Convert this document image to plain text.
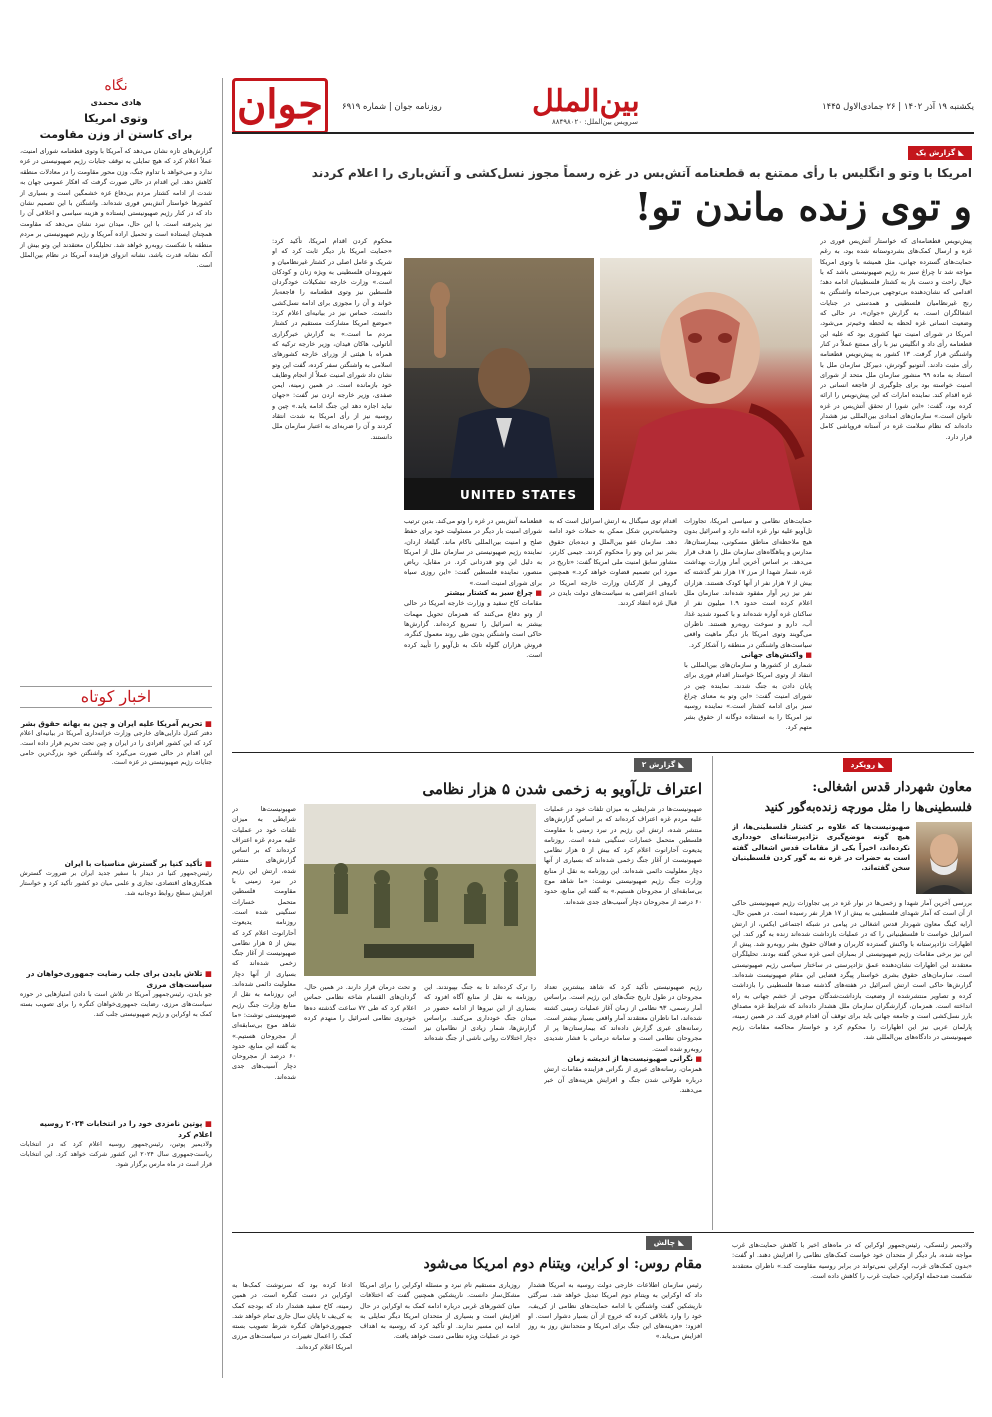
یکشنبه ۱۹ آذر ۱۴۰۲ | ۲۶ جمادی‌الاول ۱۴۴۵
بین‌الملل
سرویس بین‌الملل: ۸۸۴۹۸۰۲۰
روزنامه جوان | شماره ۶۹۱۹
جوان
نگاه
هادی محمدی
وتوی امریکا
برای کاستن از وزن مقاومت
گزارش‌های تازه نشان می‌دهد که آمریکا با وتوی قطعنامه شورای امنیت، عملاً اعلام کرد که هیچ تمایلی به توقف جنایات رژیم صهیونیستی در غزه ندارد و می‌خواهد با تداوم جنگ، وزن محور مقاومت را در معادلات منطقه کاهش دهد. این اقدام در حالی صورت گرفت که افکار عمومی جهان به شدت از ادامه کشتار مردم بی‌دفاع غزه خشمگین است و بسیاری از کشورها خواستار آتش‌بس فوری شده‌اند. واشنگتن با این تصمیم نشان داد که در کنار رژیم صهیونیستی ایستاده و هزینه سیاسی و اخلاقی آن را نیز پذیرفته است. با این حال، میدان نبرد نشان می‌دهد که مقاومت همچنان ایستاده است و تحمیل اراده آمریکا و رژیم صهیونیستی بر مردم منطقه با شکست روبه‌رو خواهد شد. تحلیلگران معتقدند این وتو بیش از آنکه نشانه قدرت باشد، نشانه انزوای فزاینده آمریکا در نظام بین‌الملل است.
اخبار کوتاه
■ تحریم آمریکا علیه ایران و چین به بهانه حقوق بشر
دفتر کنترل دارایی‌های خارجی وزارت خزانه‌داری آمریکا در بیانیه‌ای اعلام کرد که این کشور افرادی را در ایران و چین تحت تحریم قرار داده است. این اقدام در حالی صورت می‌گیرد که واشنگتن خود بزرگ‌ترین حامی جنایات رژیم صهیونیستی در غزه است.
■ تأکید کنیا بر گسترش مناسبات با ایران
رئیس‌جمهور کنیا در دیدار با سفیر جدید ایران بر ضرورت گسترش همکاری‌های اقتصادی، تجاری و علمی میان دو کشور تأکید کرد و خواستار افزایش سطح روابط دوجانبه شد.
■ تلاش بایدن برای جلب رضایت جمهوری‌خواهان در سیاست‌های مرزی
جو بایدن، رئیس‌جمهور آمریکا در تلاش است با دادن امتیازهایی در حوزه سیاست‌های مرزی، رضایت جمهوری‌خواهان کنگره را برای تصویب بسته کمک به اوکراین و رژیم صهیونیستی جلب کند.
■ پوتین نامزدی خود را در انتخابات ۲۰۲۴ روسیه اعلام کرد
ولادیمیر پوتین، رئیس‌جمهور روسیه اعلام کرد که در انتخابات ریاست‌جمهوری سال ۲۰۲۴ این کشور شرکت خواهد کرد. این انتخابات قرار است در ماه مارس برگزار شود.
◣گزارش یک
امریکا با وتو و انگلیس با رأی ممتنع به قطعنامه آتش‌بس در غزه رسماً مجوز نسل‌کشی و آتش‌باری را اعلام کردند
و توی زنده ماندن تو!
پیش‌نویس قطعنامه‌ای که خواستار آتش‌بس فوری در غزه و ارسال کمک‌های بشردوستانه شده بود، به رغم حمایت‌های گسترده جهانی، مثل همیشه با وتوی امریکا مواجه شد تا چراغ سبز به رژیم صهیونیستی باشد که با خیال راحت و دست باز به کشتار فلسطینیان ادامه دهد؛ اقدامی که نشان‌دهنده بی‌توجهی بی‌رحمانه واشنگتن به رنج غیرنظامیان فلسطینی و همدستی در جنایات اشغالگران است. به گزارش «جوان»، در حالی که وضعیت انسانی غزه لحظه به لحظه وخیم‌تر می‌شود، امریکا در شورای امنیت تنها کشوری بود که علیه این قطعنامه رأی داد و انگلیس نیز با رأی ممتنع عملاً در کنار واشنگتن قرار گرفت. ۱۳ کشور به پیش‌نویس قطعنامه رأی مثبت دادند. آنتونیو گوترش، دبیرکل سازمان ملل با استناد به ماده ۹۹ منشور سازمان ملل متحد از شورای امنیت خواسته بود برای جلوگیری از فاجعه انسانی در غزه اقدام کند. نماینده امارات که این پیش‌نویس را ارائه کرده بود، گفت: «این شورا از تحقق آتش‌بس در غزه ناتوان است.» سازمان‌های امدادی بین‌المللی نیز هشدار داده‌اند که نظام سلامت غزه در آستانه فروپاشی کامل قرار دارد.
UNITED STATES
محکوم کردن اقدام امریکا، تأکید کرد: «حمایت امریکا بار دیگر ثابت کرد که او شریک و عامل اصلی در کشتار غیرنظامیان و شهروندان فلسطینی به ویژه زنان و کودکان است.» وزارت خارجه تشکیلات خودگردان فلسطین نیز وتوی قطعنامه را فاجعه‌بار خواند و آن را مجوزی برای ادامه نسل‌کشی دانست. حماس نیز در بیانیه‌ای اعلام کرد: «موضع امریکا مشارکت مستقیم در کشتار مردم ما است.» به گزارش خبرگزاری آناتولی، هاکان فیدان، وزیر خارجه ترکیه که همراه با هیئتی از وزرای خارجه کشورهای اسلامی به واشنگتن سفر کرده، گفت این وتو نشان داد شورای امنیت عملاً از انجام وظایف خود بازمانده است. در همین زمینه، ایمن صفدی، وزیر خارجه اردن نیز گفت: «جهان نباید اجازه دهد این جنگ ادامه یابد.» چین و روسیه نیز از رأی امریکا به شدت انتقاد کردند و آن را ضربه‌ای به اعتبار سازمان ملل دانستند.

حمایت‌های نظامی و سیاسی امریکا، تجاوزات تل‌آویو علیه نوار غزه ادامه دارد و اسرائیل بدون هیچ ملاحظه‌ای مناطق مسکونی، بیمارستان‌ها، مدارس و پناهگاه‌های سازمان ملل را هدف قرار می‌دهد. بر اساس آخرین آمار وزارت بهداشت غزه، شمار شهدا از مرز ۱۷ هزار نفر گذشته که بیش از ۷ هزار نفر از آنها کودک هستند. هزاران نفر نیز زیر آوار مفقود شده‌اند. سازمان ملل اعلام کرده است حدود ۱.۹ میلیون نفر از ساکنان غزه آواره شده‌اند و با کمبود شدید غذا، آب، دارو و سوخت روبه‌رو هستند. ناظران می‌گویند وتوی امریکا بار دیگر ماهیت واقعی سیاست‌های واشنگتن در منطقه را آشکار کرد.

■ واکنش‌های جهانی

شماری از کشورها و سازمان‌های بین‌المللی با انتقاد از وتوی امریکا خواستار اقدام فوری برای پایان دادن به جنگ شدند. نماینده چین در شورای امنیت گفت: «این وتو به معنای چراغ سبز برای ادامه کشتار است.» نماینده روسیه نیز امریکا را به استفاده دوگانه از حقوق بشر متهم کرد.

اقدام ‌توی سیگنال به ارتش اسرائیل است که به وحشیانه‌ترین شکل ممکن به حملات خود ادامه دهد. سازمان عفو بین‌الملل و دیده‌بان حقوق بشر نیز این وتو را محکوم کردند. جیمی کارتر، مشاور سابق امنیت ملی امریکا گفت: «تاریخ در مورد این تصمیم قضاوت خواهد کرد.» همچنین گروهی از کارکنان وزارت خارجه امریکا در نامه‌ای اعتراضی به سیاست‌های دولت بایدن در قبال غزه انتقاد کردند.

قطعنامه آتش‌بس در غزه را وتو می‌کند. بدین ترتیب شورای امنیت بار دیگر در مسئولیت خود برای حفظ صلح و امنیت بین‌المللی ناکام ماند. گیلعاد اردان، نماینده رژیم صهیونیستی در سازمان ملل از امریکا به دلیل این وتو قدردانی کرد. در مقابل، ریاض منصور، نماینده فلسطین گفت: «این روزی سیاه برای شورای امنیت است.»

■ چراغ سبز به کشتار بیشتر

مقامات کاخ سفید و وزارت خارجه امریکا در حالی از وتو دفاع می‌کنند که همزمان تحویل مهمات بیشتر به اسرائیل را تسریع کرده‌اند. گزارش‌ها حاکی است واشنگتن بدون طی روند معمول کنگره، فروش هزاران گلوله تانک به تل‌آویو را تأیید کرده است.

◣رویکرد
معاون شهردار قدس اشغالی:
فلسطینی‌ها را مثل مورچه زنده‌به‌گور کنید
صهیونیست‌ها که علاوه بر کشتار فلسطینی‌ها، از هیچ گونه موضع‌گیری نژادپرستانه‌ای خودداری نکرده‌اند، اخیراً یکی از مقامات قدس اشغالی گفته است به حضرات در غزه نه به گور کردن فلسطینیان سخن گفته‌اند.
بررسی آخرین آمار شهدا و زخمی‌ها در نوار غزه در پی تجاوزات رژیم صهیونیستی حاکی از آن است که آمار شهدای فلسطینی به بیش از ۱۷ هزار نفر رسیده است. در همین حال، آرایه کینگ معاون شهردار قدس اشغالی در پیامی در شبکه اجتماعی ایکس، از ارتش اسرائیل خواست تا فلسطینیانی را که در عملیات بازداشت شده‌اند زنده به گور کند. این اظهارات نژادپرستانه با واکنش گسترده کاربران و فعالان حقوق بشر روبه‌رو شد. پیش از این نیز برخی مقامات رژیم صهیونیستی از بمباران اتمی غزه سخن گفته بودند. تحلیلگران معتقدند این اظهارات نشان‌دهنده عمق نژادپرستی در ساختار سیاسی رژیم صهیونیستی است. سازمان‌های حقوق بشری خواستار پیگرد قضایی این مقام صهیونیست شده‌اند. گزارش‌ها حاکی است ارتش اسرائیل در هفته‌های گذشته صدها فلسطینی را بازداشت کرده و تصاویر منتشرشده از وضعیت بازداشت‌شدگان موجی از خشم جهانی به راه انداخته است. همزمان، گزارشگران سازمان ملل هشدار داده‌اند که شرایط غزه مصداق بارز نسل‌کشی است و جامعه جهانی باید برای توقف آن اقدام فوری کند. در همین زمینه، پارلمان عربی نیز این اظهارات را محکوم کرد و خواستار محاکمه مقامات رژیم صهیونیستی در دادگاه‌های بین‌المللی شد.
◣گزارش ۲
اعتراف تل‌آویو به زخمی شدن ۵ هزار نظامی
صهیونیست‌ها در شرایطی به میزان تلفات خود در عملیات علیه مردم غزه اعتراف کرده‌اند که بر اساس گزارش‌های منتشر شده، ارتش این رژیم در نبرد زمینی با مقاومت فلسطین متحمل خسارات سنگینی شده است. روزنامه یدیعوت آحارانوت اعلام کرد که بیش از ۵ هزار نظامی صهیونیست از آغاز جنگ زخمی شده‌اند که بسیاری از آنها دچار معلولیت دائمی شده‌اند. این روزنامه به نقل از منابع وزارت جنگ رژیم صهیونیستی نوشت: «ما شاهد موج بی‌سابقه‌ای از مجروحان هستیم.» به گفته این منابع، حدود ۶۰ درصد از مجروحان دچار آسیب‌های جدی شده‌اند.

رژیم صهیونیستی تأکید کرد که شاهد بیشترین تعداد مجروحان در طول تاریخ جنگ‌های این رژیم است. براساس آمار رسمی، ۹۳ نظامی از زمان آغاز عملیات زمینی کشته شده‌اند، اما ناظران معتقدند آمار واقعی بسیار بیشتر است. رسانه‌های عبری گزارش داده‌اند که بیمارستان‌ها پر از مجروحان نظامی است و سامانه درمانی با فشار شدیدی روبه‌رو شده است.

■ نگرانی صهیونیست‌ها از اندیشه زمان

همزمان، رسانه‌های عبری از نگرانی فزاینده مقامات ارتش درباره طولانی شدن جنگ و افزایش هزینه‌های آن خبر می‌دهند.

را ترک کرده‌اند تا به جنگ بپیوندند. این روزنامه به نقل از منابع آگاه افزود که بسیاری از این نیروها از ادامه حضور در میدان جنگ خودداری می‌کنند. براساس گزارش‌ها، شمار زیادی از نظامیان نیز دچار اختلالات روانی ناشی از جنگ شده‌اند و تحت درمان قرار دارند. در همین حال، گردان‌های القسام شاخه نظامی حماس اعلام کرد که طی ۷۲ ساعت گذشته ده‌ها خودروی نظامی اسرائیل را منهدم کرده است.
صهیونیست‌ها در شرایطی به میزان تلفات خود در عملیات علیه مردم غزه اعتراف کرده‌اند که بر اساس گزارش‌های منتشر شده، ارتش این رژیم در نبرد زمینی با مقاومت فلسطین متحمل خسارات سنگینی شده است. روزنامه یدیعوت آحارانوت اعلام کرد که بیش از ۵ هزار نظامی صهیونیست از آغاز جنگ زخمی شده‌اند که بسیاری از آنها دچار معلولیت دائمی شده‌اند. این روزنامه به نقل از منابع وزارت جنگ رژیم صهیونیستی نوشت: «ما شاهد موج بی‌سابقه‌ای از مجروحان هستیم.» به گفته این منابع، حدود ۶۰ درصد از مجروحان دچار آسیب‌های جدی شده‌اند.
◣چالش
مقام روس: او کراین، ویتنام دوم امریکا می‌شود
رئیس سازمان اطلاعات خارجی دولت روسیه به امریکا هشدار داد که اوکراین به ویتنام دوم امریکا تبدیل خواهد شد. سرگئی ناریشکین گفت واشنگتن با ادامه حمایت‌های نظامی از کی‌یف، خود را وارد باتلاقی کرده که خروج از آن بسیار دشوار است. او افزود: «هزینه‌های این جنگ برای امریکا و متحدانش روز به روز افزایش می‌یابد.»
روزیاری مستقیم نام نبرد و مسئله اوکراین را برای امریکا مشکل‌ساز دانست. ناریشکین همچنین گفت که اختلافات میان کشورهای غربی درباره ادامه کمک به اوکراین در حال افزایش است و بسیاری از متحدان امریکا دیگر تمایلی به ادامه این مسیر ندارند. او تأکید کرد که روسیه به اهداف خود در عملیات ویژه نظامی دست خواهد یافت.
ادعا کرده بود که سرنوشت کمک‌ها به اوکراین در دست کنگره است. در همین زمینه، کاخ سفید هشدار داد که بودجه کمک به کی‌یف تا پایان سال جاری تمام خواهد شد. جمهوری‌خواهان کنگره شرط تصویب بسته کمک را اعمال تغییرات در سیاست‌های مرزی امریکا اعلام کرده‌اند.
ولادیمیر زلنسکی، رئیس‌جمهور اوکراین که در ماه‌های اخیر با کاهش حمایت‌های غرب مواجه شده، بار دیگر از متحدان خود خواست کمک‌های نظامی را افزایش دهند. او گفت: «بدون کمک‌های غرب، اوکراین نمی‌تواند در برابر روسیه مقاومت کند.» ناظران معتقدند شکست ضدحمله اوکراین، حمایت غرب را کاهش داده است.
